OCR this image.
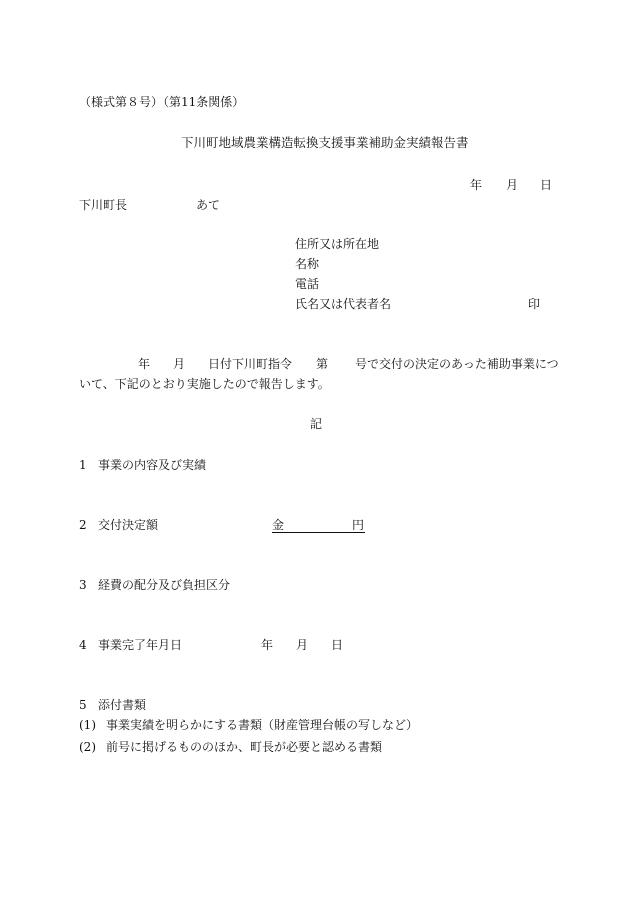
（様式第８号）（第11条関係）
下川町地域農業構造転換支援事業補助金実績報告書
年 月 日
下川町長	あて
住所又は所在地
名称
電話
氏名又は代表者名	印
年 月 日付下川町指令 第 号で交付の決定のあった補助事業につ
いて、下記のとおり実施したので報告します。
記
1 事業の内容及び実績
2 交付決定額	金	円
3 経費の配分及び負担区分
4 事業完了年月日	年 月 日
5 添付書類
(1) 事業実績を明らかにする書類（財産管理台帳の写しなど）
(2) 前号に掲げるもののほか、町長が必要と認める書類
